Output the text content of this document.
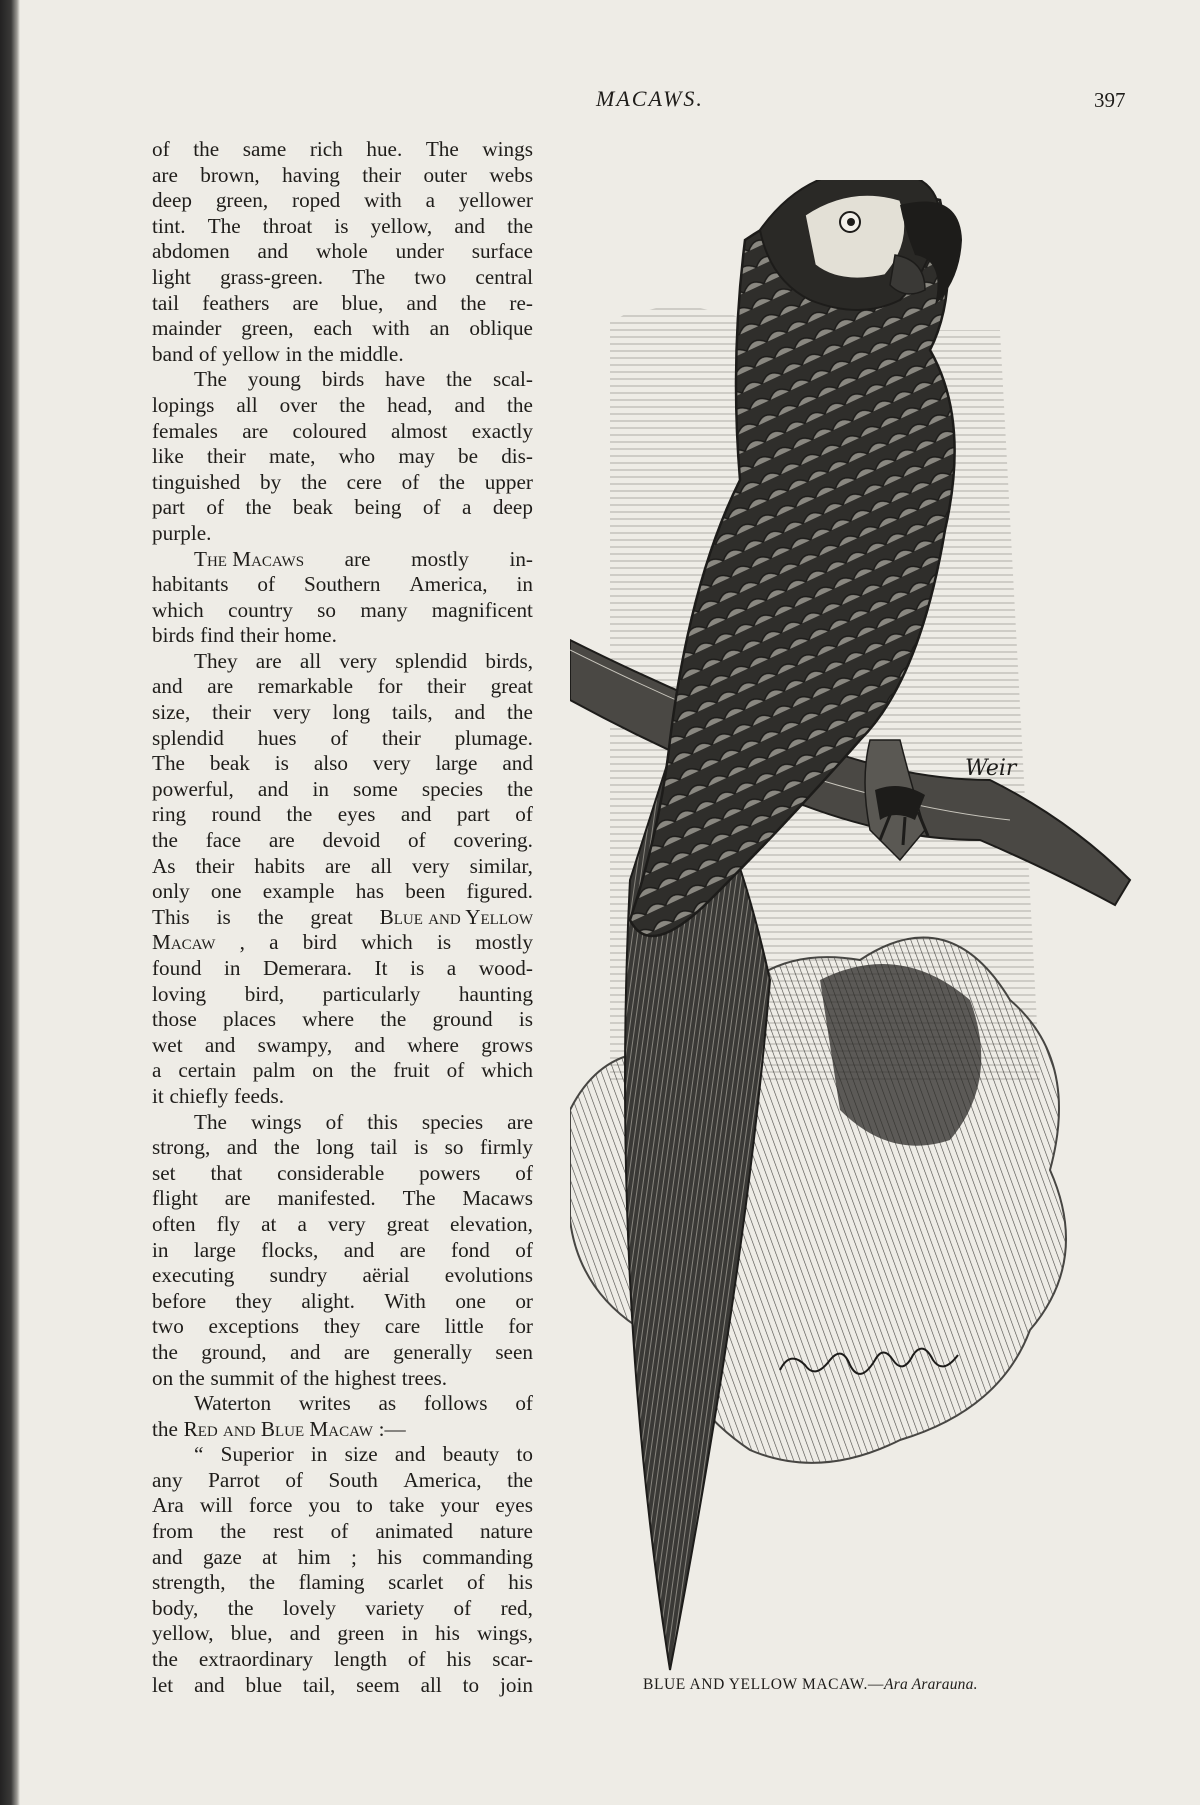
MACAWS.	397
of the same rich hue. The wings
are brown, having their outer webs
deep green, roped with a yellower
tint. The throat is yellow, and the
abdomen and whole under surface
light grass-green. The two central
tail feathers are blue, and the re-
mainder green, each with an oblique
band of yellow in the middle.
The young birds have the scal-
lopings all over the head, and the
females are coloured almost exactly
like their mate, who may be dis-
tinguished by the cere of the upper
part of the beak being of a deep
purple.
The Macaws are mostly in-
habitants of Southern America, in
which country so many magnificent
birds find their home.
They are all very splendid birds,
and are remarkable for their great
size, their very long tails, and the
splendid hues of their plumage.
The beak is also very large and
powerful, and in some species the
ring round the eyes and part of
the face are devoid of covering.
As their habits are all very similar,
only one example has been figured.
This is the great Blue and Yellow
Macaw , a bird which is mostly
found in Demerara. It is a wood-
loving bird, particularly haunting
those places where the ground is
wet and swampy, and where grows
a certain palm on the fruit of which
it chiefly feeds.
The wings of this species are
strong, and the long tail is so firmly
set that considerable powers of
flight are manifested. The Macaws
often fly at a very great elevation,
in large flocks, and are fond of
executing sundry aërial evolutions
before they alight. With one or
two exceptions they care little for
the ground, and are generally seen
on the summit of the highest trees.
Waterton writes as follows of
the Red and Blue Macaw :—
“ Superior in size and beauty to
any Parrot of South America, the
Ara will force you to take your eyes
from the rest of animated nature
and gaze at him ; his commanding
strength, the flaming scarlet of his
body, the lovely variety of red,
yellow, blue, and green in his wings,
the extraordinary length of his scar-
let and blue tail, seem all to join
Weir
BLUE AND YELLOW MACAW.—Ara Ararauna.
